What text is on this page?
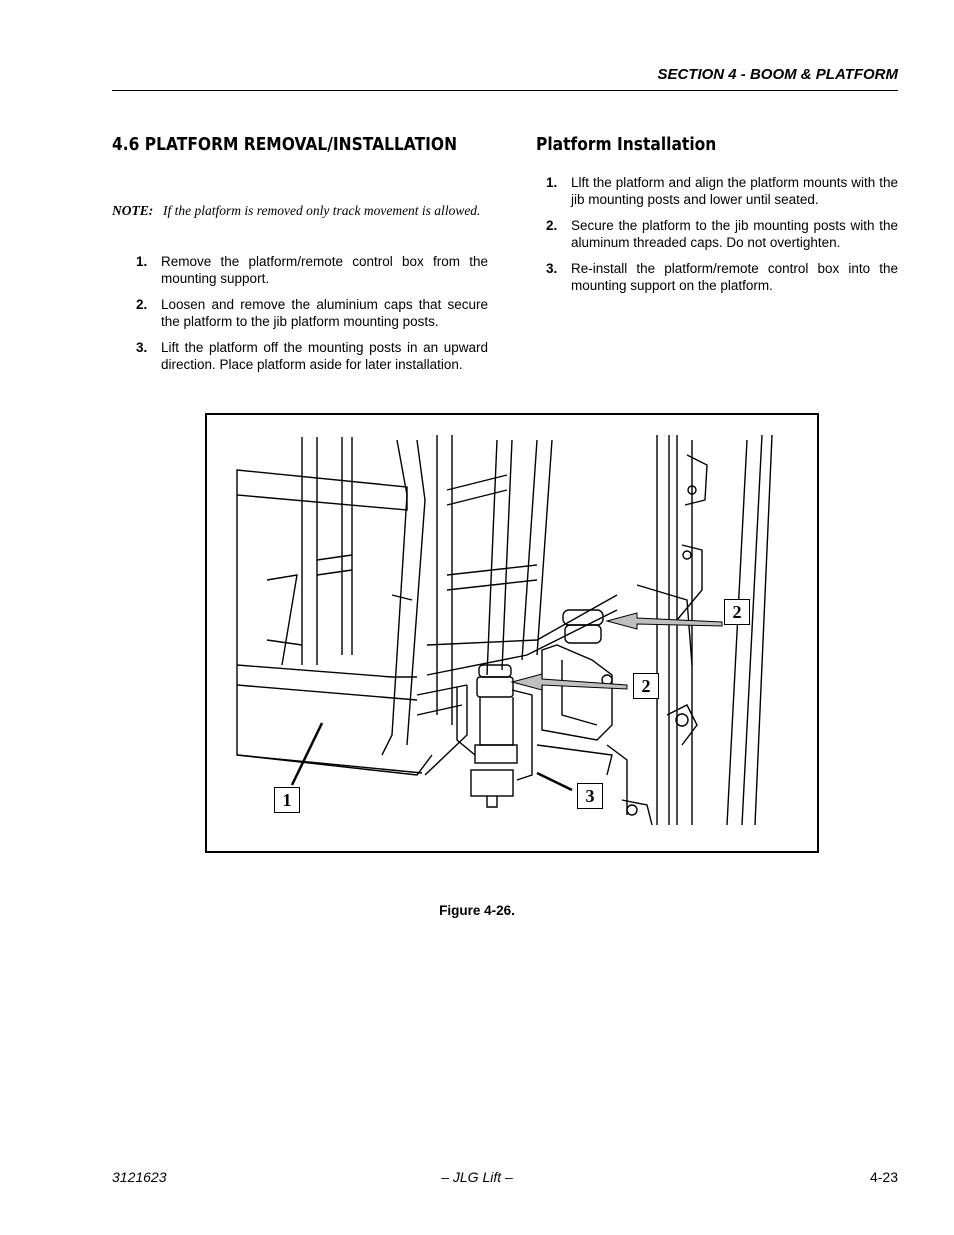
SECTION 4 - BOOM & PLATFORM
4.6 PLATFORM REMOVAL/INSTALLATION	Platform Installation
NOTE: If the platform is removed only track movement is allowed.
1. Remove the platform/remote control box from the mounting support.
2. Loosen and remove the aluminium caps that secure the platform to the jib platform mounting posts.
3. Lift the platform off the mounting posts in an upward direction. Place platform aside for later installation.
1. Llft the platform and align the platform mounts with the jib mounting posts and lower until seated.
2. Secure the platform to the jib mounting posts with the aluminum threaded caps. Do not overtighten.
3. Re-install the platform/remote control box into the mounting support on the platform.
1
2
2
3
Figure 4-26.
3121623	– JLG Lift –	4-23
